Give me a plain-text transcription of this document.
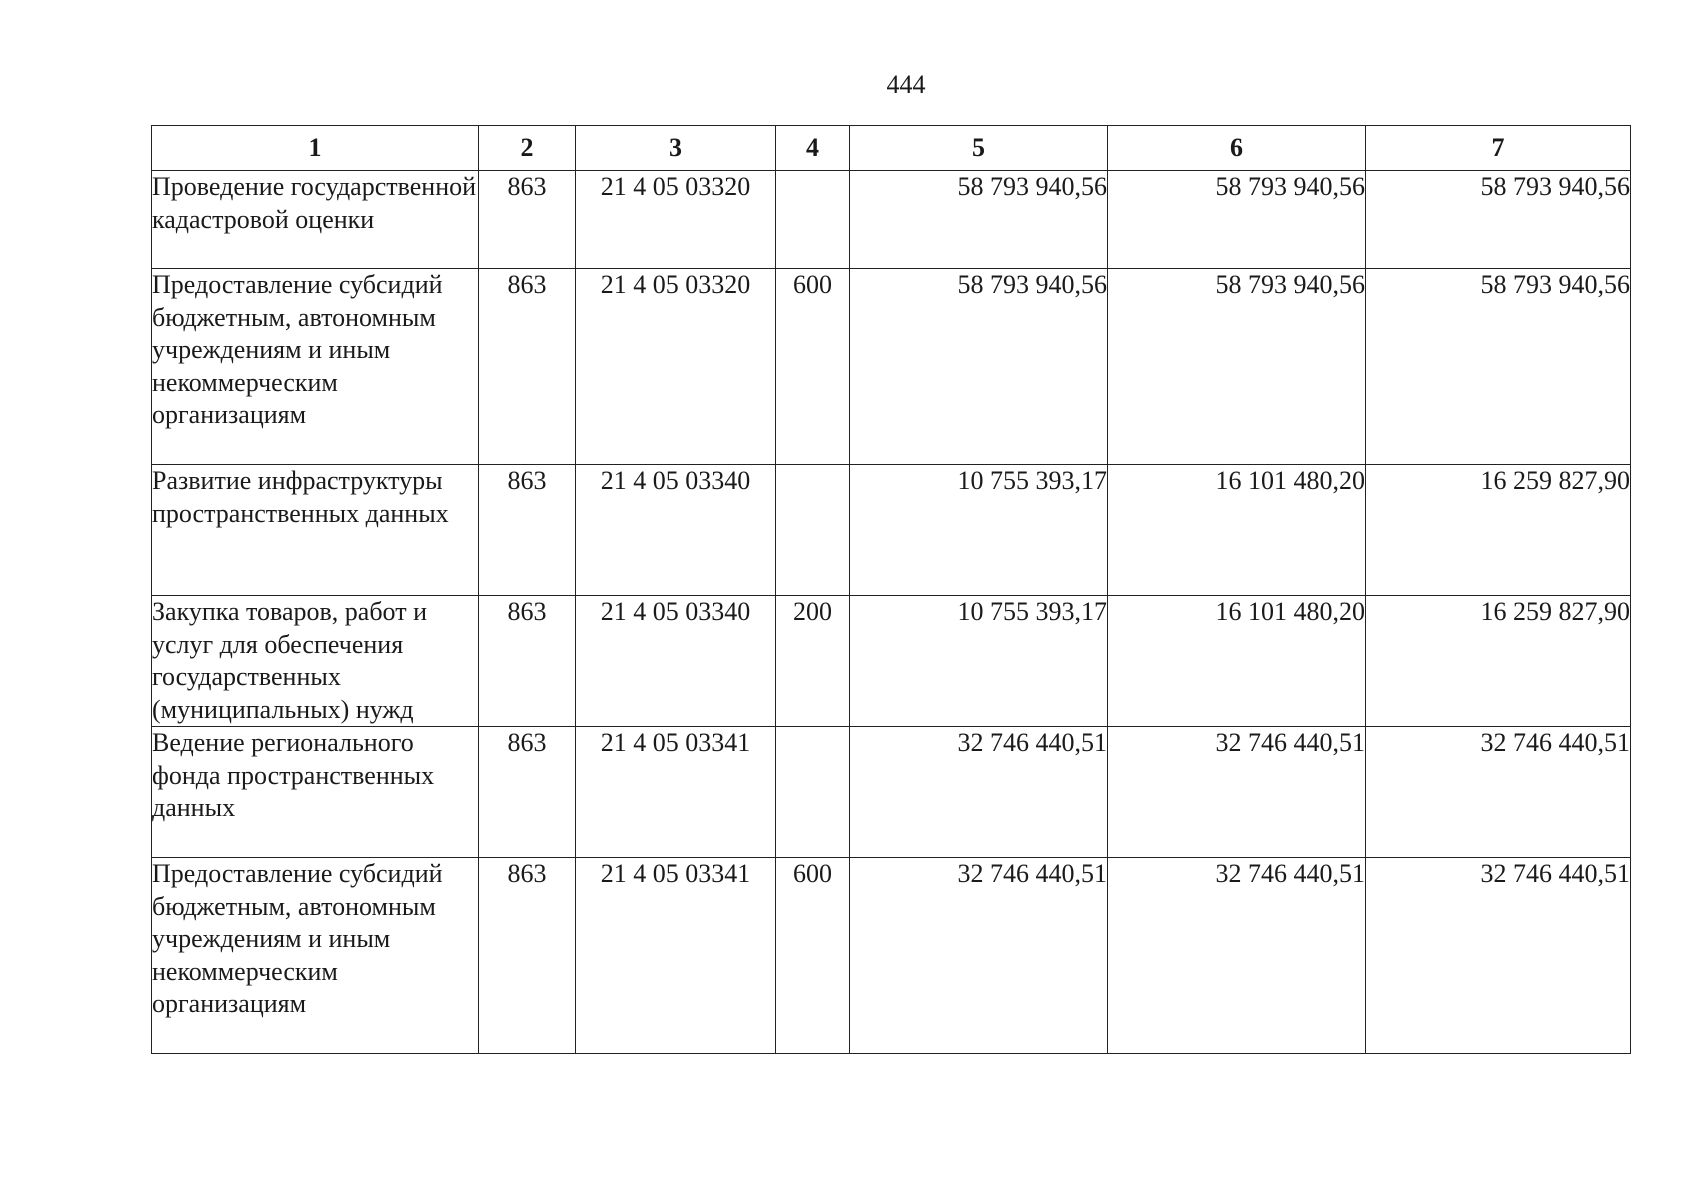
444
1	2	3	4	5	6	7
Проведение государственной кадастровой оценки	863	21 4 05 03320		58 793 940,56	58 793 940,56	58 793 940,56
Предоставление субсидий бюджетным, автономным учреждениям и иным некоммерческим организациям	863	21 4 05 03320	600	58 793 940,56	58 793 940,56	58 793 940,56
Развитие инфраструктуры пространственных данных	863	21 4 05 03340		10 755 393,17	16 101 480,20	16 259 827,90
Закупка товаров, работ и услуг для обеспечения государственных (муниципальных) нужд	863	21 4 05 03340	200	10 755 393,17	16 101 480,20	16 259 827,90
Ведение регионального фонда пространственных данных	863	21 4 05 03341		32 746 440,51	32 746 440,51	32 746 440,51
Предоставление субсидий бюджетным, автономным учреждениям и иным некоммерческим организациям	863	21 4 05 03341	600	32 746 440,51	32 746 440,51	32 746 440,51
